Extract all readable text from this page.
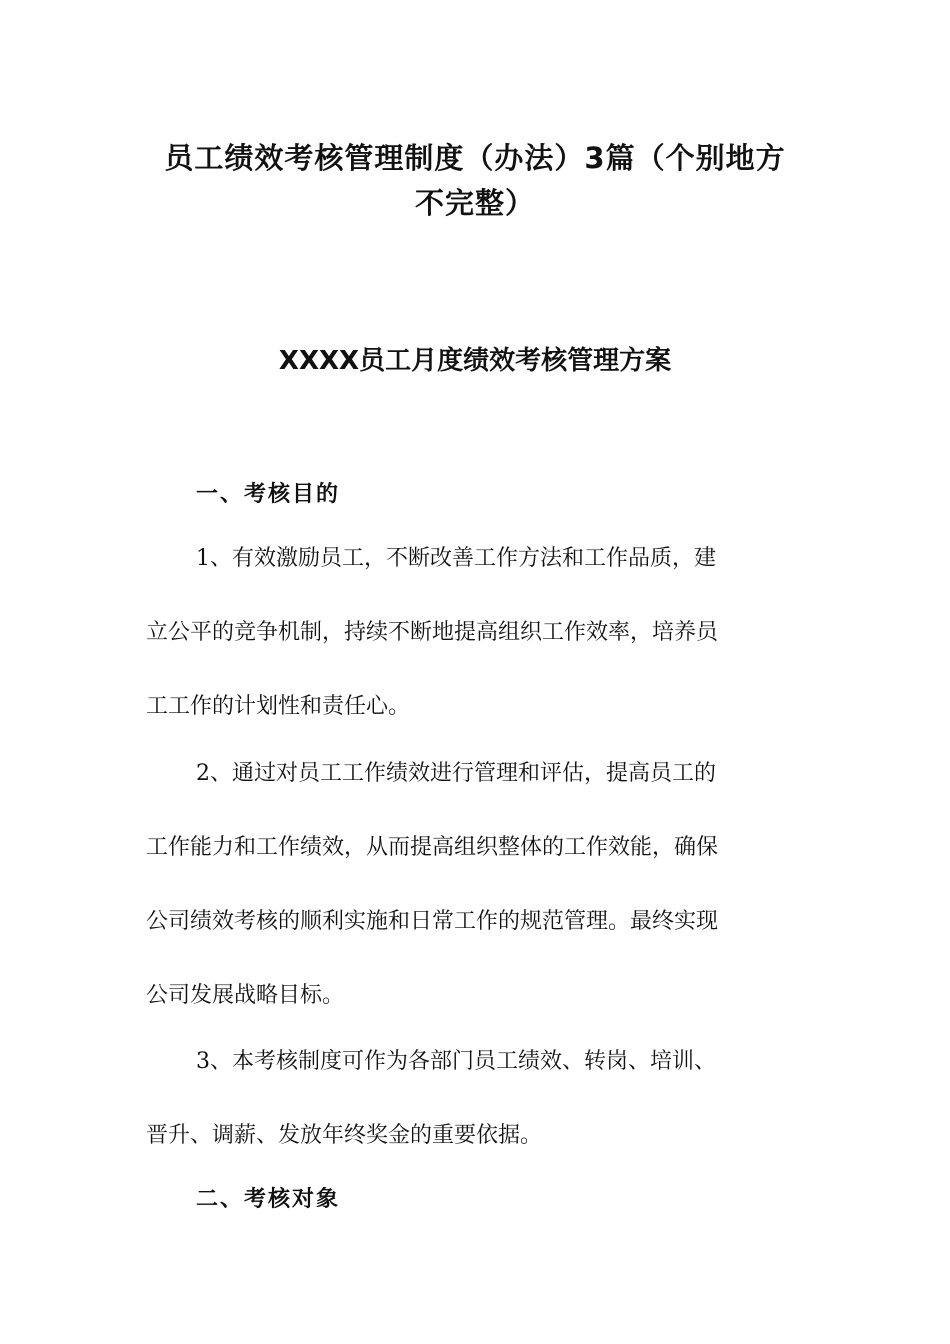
员工绩效考核管理制度（办法）3篇（个别地方
不完整）
XXXX员工月度绩效考核管理方案
一、考核目的

1、有效激励员工，不断改善工作方法和工作品质，建

立公平的竞争机制，持续不断地提高组织工作效率，培养员

工工作的计划性和责任心。

2、通过对员工工作绩效进行管理和评估，提高员工的

工作能力和工作绩效，从而提高组织整体的工作效能，确保

公司绩效考核的顺利实施和日常工作的规范管理。最终实现

公司发展战略目标。

3、本考核制度可作为各部门员工绩效、转岗、培训、

晋升、调薪、发放年终奖金的重要依据。

二、考核对象
